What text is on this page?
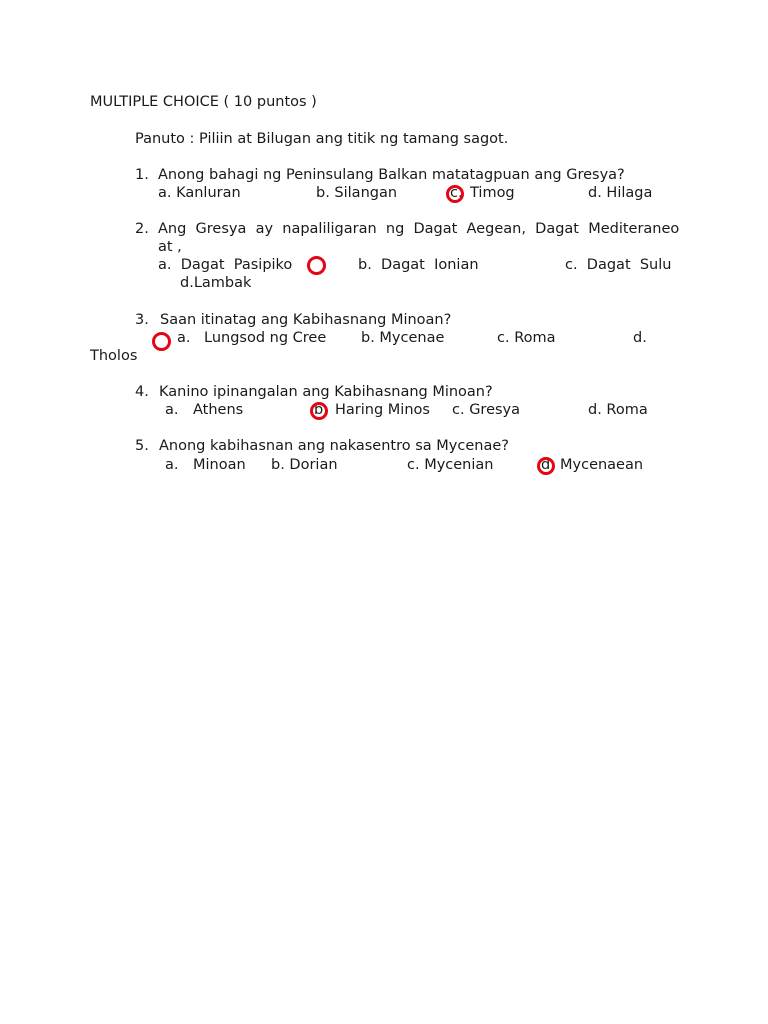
MULTIPLE CHOICE ( 10 puntos )
Panuto : Piliin at Bilugan ang titik ng tamang sagot.
1. Anong bahagi ng Peninsulang Balkan matatagpuan ang Gresya?
a. Kanluran	b. Silangan	c. Timog	d. Hilaga
2. Ang  Gresya  ay  napaliligaran  ng  Dagat  Aegean,  Dagat  Mediteraneo
at ,
a.  Dagat  Pasipiko	b.  Dagat  Ionian	c.  Dagat  Sulu
d.Lambak
3. Saan itinatag ang Kabihasnang Minoan?
a. Lungsod ng Cree b. Mycenae	c. Roma	d.
Tholos
4. Kanino ipinangalan ang Kabihasnang Minoan?
a. Athens	b. Haring Minos c. Gresya	d. Roma
5. Anong kabihasnan ang nakasentro sa Mycenae?
a. Minoan b. Dorian	c. Mycenian	d. Mycenaean
